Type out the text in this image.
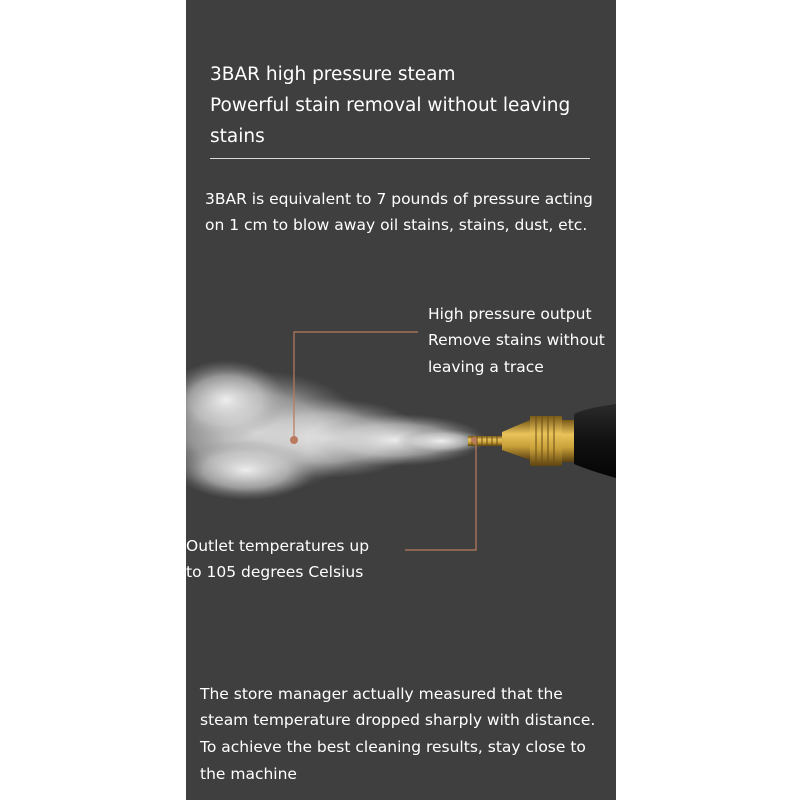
3BAR high pressure steam
Powerful stain removal without leaving
stains
3BAR is equivalent to 7 pounds of pressure acting
on 1 cm to blow away oil stains, stains, dust, etc.
High pressure output
Remove stains without
leaving a trace
Outlet temperatures up
to 105 degrees Celsius
The store manager actually measured that the
steam temperature dropped sharply with distance.
To achieve the best cleaning results, stay close to
the machine
